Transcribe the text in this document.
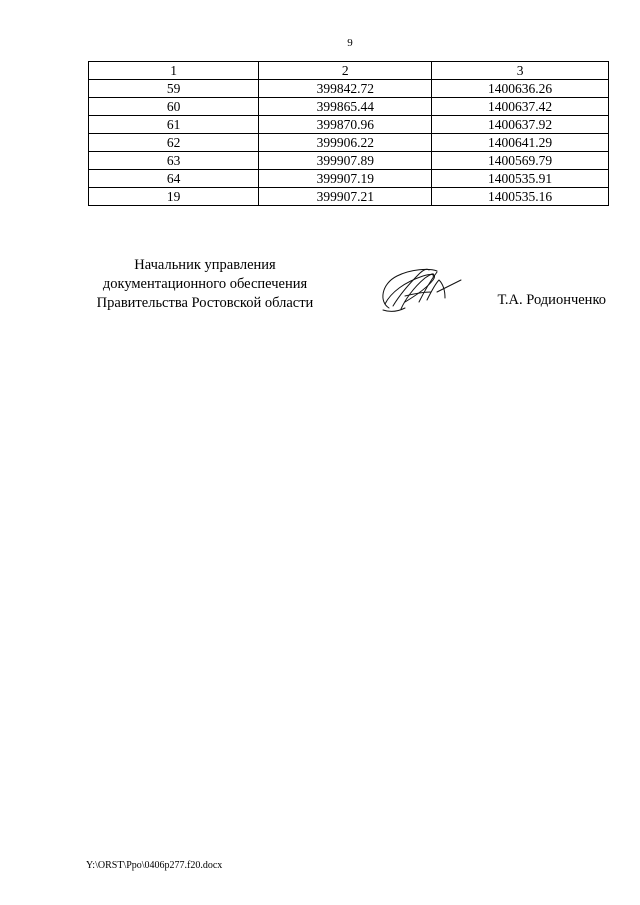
9
1	2	3
59	399842.72	1400636.26
60	399865.44	1400637.42
61	399870.96	1400637.92
62	399906.22	1400641.29
63	399907.89	1400569.79
64	399907.19	1400535.91
19	399907.21	1400535.16
Начальник управления
документационного обеспечения
Правительства Ростовской области	Т.А. Родионченко
Y:\ORST\Ppo\0406p277.f20.docx
